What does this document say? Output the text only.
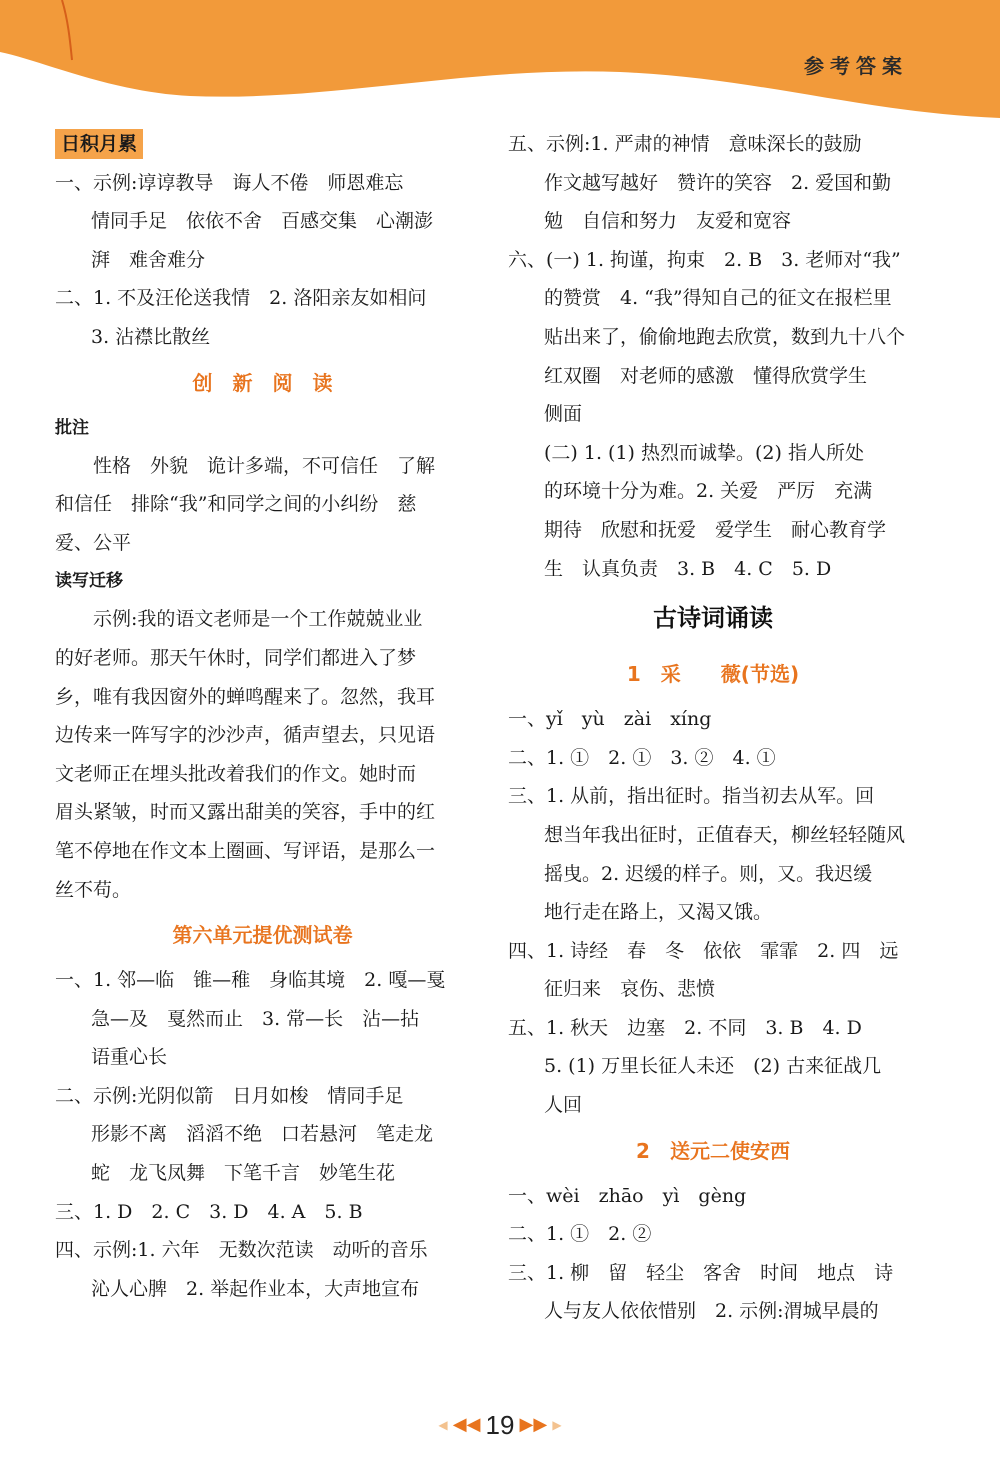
参考答案
日积月累
一、示例:谆谆教导　诲人不倦　师恩难忘
情同手足　依依不舍　百感交集　心潮澎
湃　难舍难分
二、1. 不及汪伦送我情　2. 洛阳亲友如相问
3. 沾襟比散丝
创　新　阅　读
批注
性格　外貌　诡计多端，不可信任　了解
和信任　排除“我”和同学之间的小纠纷　慈
爱、公平
读写迁移
示例:我的语文老师是一个工作兢兢业业
的好老师。那天午休时，同学们都进入了梦
乡，唯有我因窗外的蝉鸣醒来了。忽然，我耳
边传来一阵写字的沙沙声，循声望去，只见语
文老师正在埋头批改着我们的作文。她时而
眉头紧皱，时而又露出甜美的笑容，手中的红
笔不停地在作文本上圈画、写评语，是那么一
丝不苟。
第六单元提优测试卷
一、1. 邻—临　锥—稚　身临其境　2. 嘎—戛
急—及　戛然而止　3. 常—长　沾—拈
语重心长
二、示例:光阴似箭　日月如梭　情同手足
形影不离　滔滔不绝　口若悬河　笔走龙
蛇　龙飞凤舞　下笔千言　妙笔生花
三、1. D　2. C　3. D　4. A　5. B
四、示例:1. 六年　无数次范读　动听的音乐
沁人心脾　2. 举起作业本，大声地宣布
五、示例:1. 严肃的神情　意味深长的鼓励
作文越写越好　赞许的笑容　2. 爱国和勤
勉　自信和努力　友爱和宽容
六、(一) 1. 拘谨，拘束　2. B　3. 老师对“我”
的赞赏　4. “我”得知自己的征文在报栏里
贴出来了，偷偷地跑去欣赏，数到九十八个
红双圈　对老师的感激　懂得欣赏学生
侧面
(二) 1. (1) 热烈而诚挚。(2) 指人所处
的环境十分为难。2. 关爱　严厉　充满
期待　欣慰和抚爱　爱学生　耐心教育学
生　认真负责　3. B　4. C　5. D
古诗词诵读
1　采　　薇(节选)
一、yǐ　yù　zài　xíng
二、1. ①　2. ①　3. ②　4. ①
三、1. 从前，指出征时。指当初去从军。回
想当年我出征时，正值春天，柳丝轻轻随风
摇曳。2. 迟缓的样子。则，又。我迟缓
地行走在路上，又渴又饿。
四、1. 诗经　春　冬　依依　霏霏　2. 四　远
征归来　哀伤、悲愤
五、1. 秋天　边塞　2. 不同　3. B　4. D
5. (1) 万里长征人未还　(2) 古来征战几
人回
2　送元二使安西
一、wèi　zhāo　yì　gèng
二、1. ①　2. ②
三、1. 柳　留　轻尘　客舍　时间　地点　诗
人与友人依依惜别　2. 示例:渭城早晨的
◀ ◀◀ 19 ▶▶ ▶
